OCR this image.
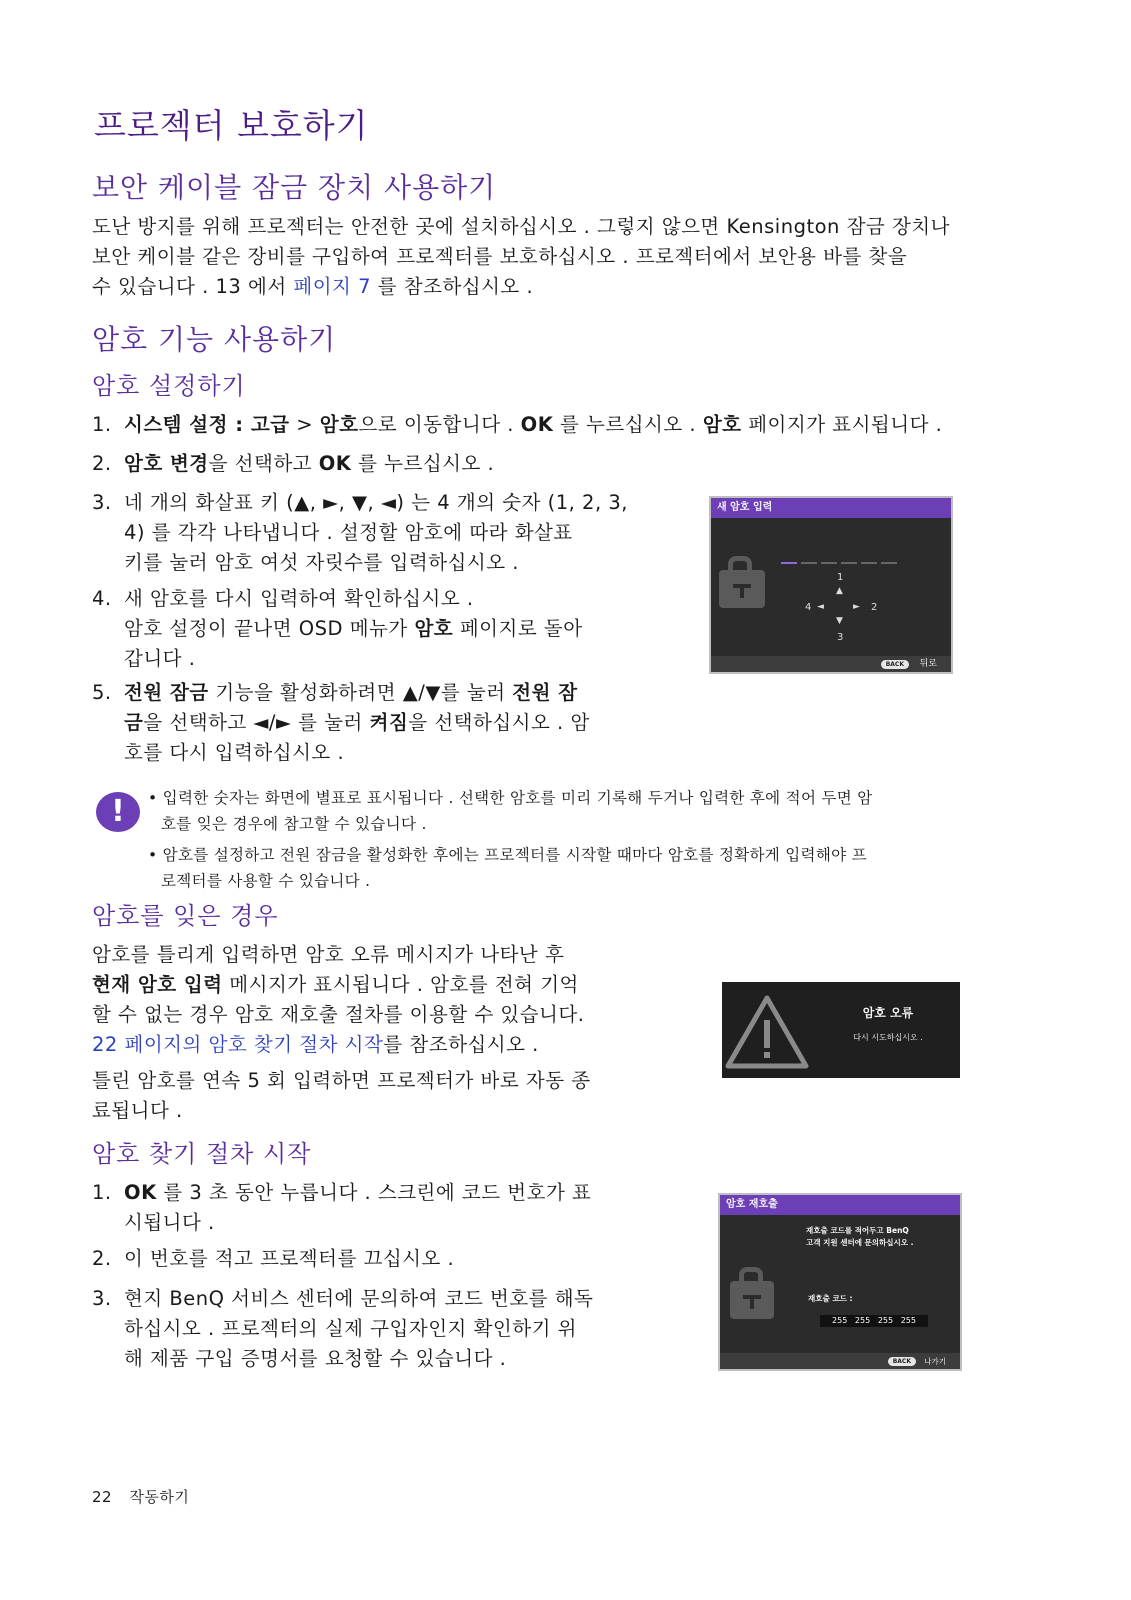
프로젝터 보호하기
보안 케이블 잠금 장치 사용하기
도난 방지를 위해 프로젝터는 안전한 곳에 설치하십시오 . 그렇지 않으면 Kensington 잠금 장치나
보안 케이블 같은 장비를 구입하여 프로젝터를 보호하십시오 . 프로젝터에서 보안용 바를 찾을
수 있습니다 . 13 에서 페이지 7 를 참조하십시오 .
암호 기능 사용하기
암호 설정하기
1. 시스템 설정 : 고급 > 암호으로 이동합니다 . OK 를 누르십시오 . 암호 페이지가 표시됩니다 .
2. 암호 변경을 선택하고 OK 를 누르십시오 .
3. 네 개의 화살표 키 (▲, ►, ▼, ◄) 는 4 개의 숫자 (1, 2, 3,
4) 를 각각 나타냅니다 . 설정할 암호에 따라 화살표
키를 눌러 암호 여섯 자릿수를 입력하십시오 .
4. 새 암호를 다시 입력하여 확인하십시오 .
암호 설정이 끝나면 OSD 메뉴가 암호 페이지로 돌아
갑니다 .
5. 전원 잠금 기능을 활성화하려면 ▲/▼를 눌러 전원 잠
금을 선택하고 ◄/► 를 눌러 켜짐을 선택하십시오 . 암
호를 다시 입력하십시오 .
새 암호 입력
1
▲
4 ◄	► 2
▼
3
BACK	뒤로
!	• 입력한 숫자는 화면에 별표로 표시됩니다 . 선택한 암호를 미리 기록해 두거나 입력한 후에 적어 두면 암
호를 잊은 경우에 참고할 수 있습니다 .
• 암호를 설정하고 전원 잠금을 활성화한 후에는 프로젝터를 시작할 때마다 암호를 정확하게 입력해야 프
로젝터를 사용할 수 있습니다 .
암호를 잊은 경우
암호를 틀리게 입력하면 암호 오류 메시지가 나타난 후
현재 암호 입력 메시지가 표시됩니다 . 암호를 전혀 기억
할 수 없는 경우 암호 재호출 절차를 이용할 수 있습니다.
22 페이지의 암호 찾기 절차 시작를 참조하십시오 .
틀린 암호를 연속 5 회 입력하면 프로젝터가 바로 자동 종
료됩니다 .
암호 오류
다시 시도하십시오 .
암호 찾기 절차 시작
1. OK 를 3 초 동안 누릅니다 . 스크린에 코드 번호가 표
시됩니다 .
2. 이 번호를 적고 프로젝터를 끄십시오 .
3. 현지 BenQ 서비스 센터에 문의하여 코드 번호를 해독
하십시오 . 프로젝터의 실제 구입자인지 확인하기 위
해 제품 구입 증명서를 요청할 수 있습니다 .
암호 재호출
재호출 코드를 적어두고 BenQ
고객 지원 센터에 문의하십시오 .
재호출 코드 :
255   255   255   255
BACK	나가기
22 작동하기
